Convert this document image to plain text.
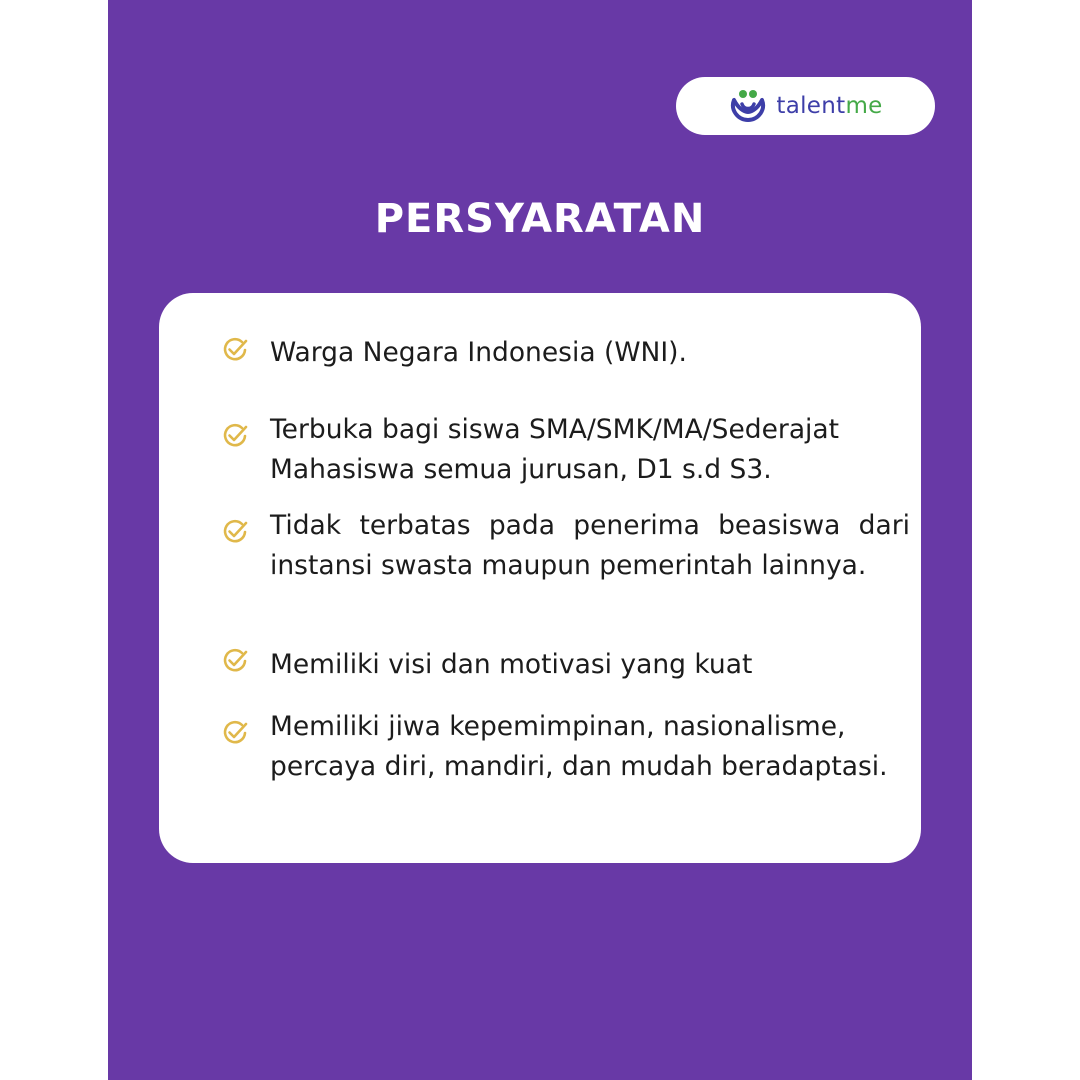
talentme
PERSYARATAN

Warga Negara Indonesia (WNI).

Terbuka bagi siswa SMA/SMK/MA/Sederajat Mahasiswa semua jurusan, D1 s.d S3.

Tidak terbatas pada penerima beasiswa dari instansi swasta maupun pemerintah lainnya.

Memiliki visi dan motivasi yang kuat

Memiliki jiwa kepemimpinan, nasionalisme, percaya diri, mandiri, dan mudah beradaptasi.
